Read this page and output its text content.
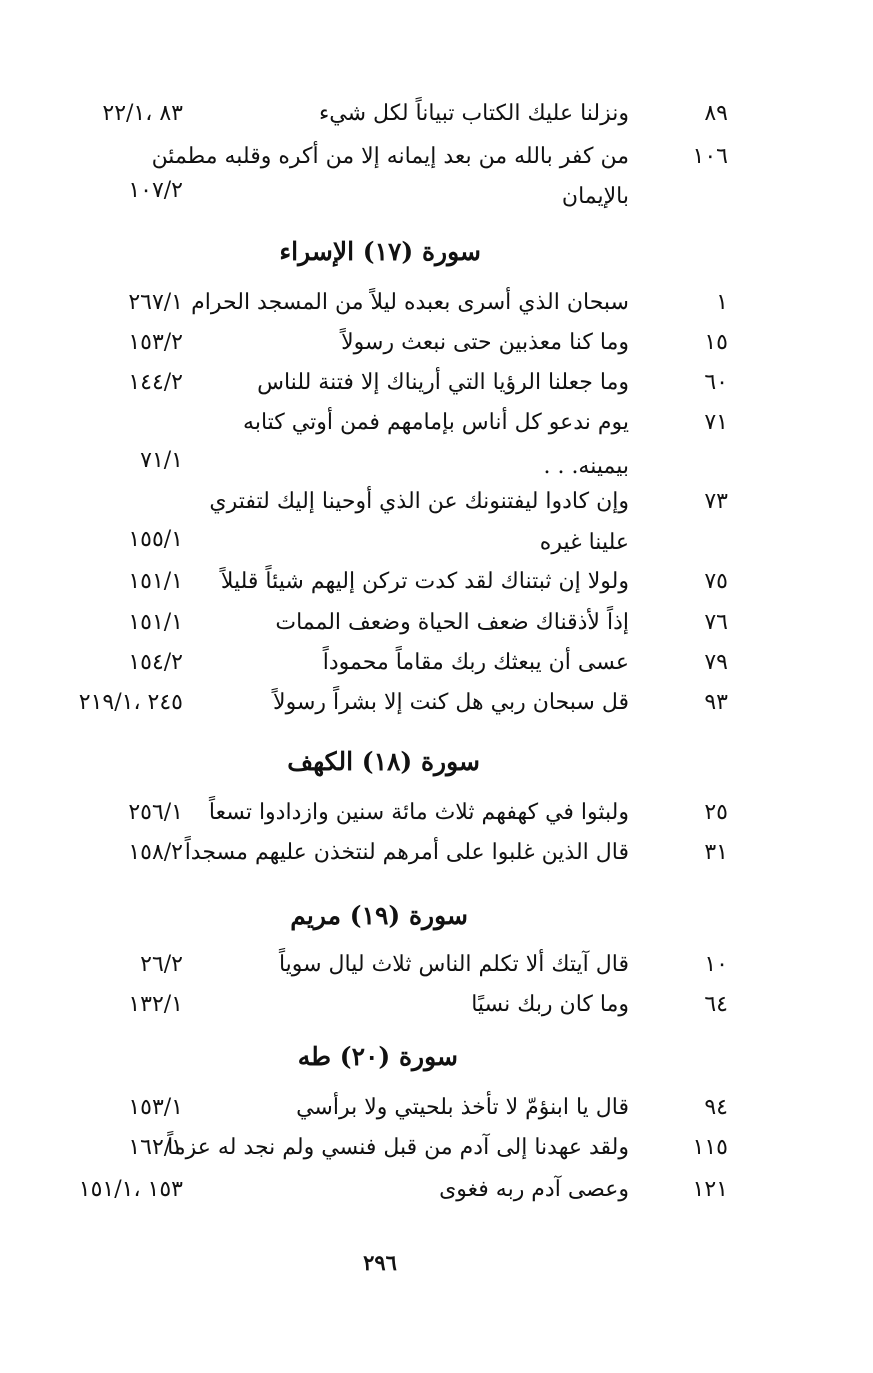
٨٩
ونزلنا عليك الكتاب تبياناً لكل شيء
٨٣ ،٢٢/١
١٠٦
من كفر بالله من بعد إيمانه إلا من أكره وقلبه مطمئن
بالإيمان
١٠٧/٢
سورة (١٧) الإسراء
١
سبحان الذي أسرى بعبده ليلاً من المسجد الحرام
٢٦٧/١
١٥
وما كنا معذبين حتى نبعث رسولاً
١٥٣/٢
٦٠
وما جعلنا الرؤيا التي أريناك إلا فتنة للناس
١٤٤/٢
٧١
يوم ندعو كل أناس بإمامهم فمن أوتي كتابه
بيمينه. . .
٧١/١
٧٣
وإن كادوا ليفتنونك عن الذي أوحينا إليك لتفتري
علينا غيره
١٥٥/١
٧٥
ولولا إن ثبتناك لقد كدت تركن إليهم شيئاً قليلاً
١٥١/١
٧٦
إذاً لأذقناك ضعف الحياة وضعف الممات
١٥١/١
٧٩
عسى أن يبعثك ربك مقاماً محموداً
١٥٤/٢
٩٣
قل سبحان ربي هل كنت إلا بشراً رسولاً
٢٤٥ ،٢١٩/١
سورة (١٨) الكهف
٢٥
ولبثوا في كهفهم ثلاث مائة سنين وازدادوا تسعاً
٢٥٦/١
٣١
قال الذين غلبوا على أمرهم لنتخذن عليهم مسجداً
١٥٨/٢
سورة (١٩) مريم
١٠
قال آيتك ألا تكلم الناس ثلاث ليال سوياً
٢٦/٢
٦٤
وما كان ربك نسيًا
١٣٢/١
سورة (٢٠) طه
٩٤
قال يا ابنؤمّ لا تأخذ بلحيتي ولا برأسي
١٥٣/١
١١٥
ولقد عهدنا إلى آدم من قبل فنسي ولم نجد له عزماً
١٦٢/١
١٢١
وعصى آدم ربه فغوى
١٥٣ ،١٥١/١
٢٩٦
